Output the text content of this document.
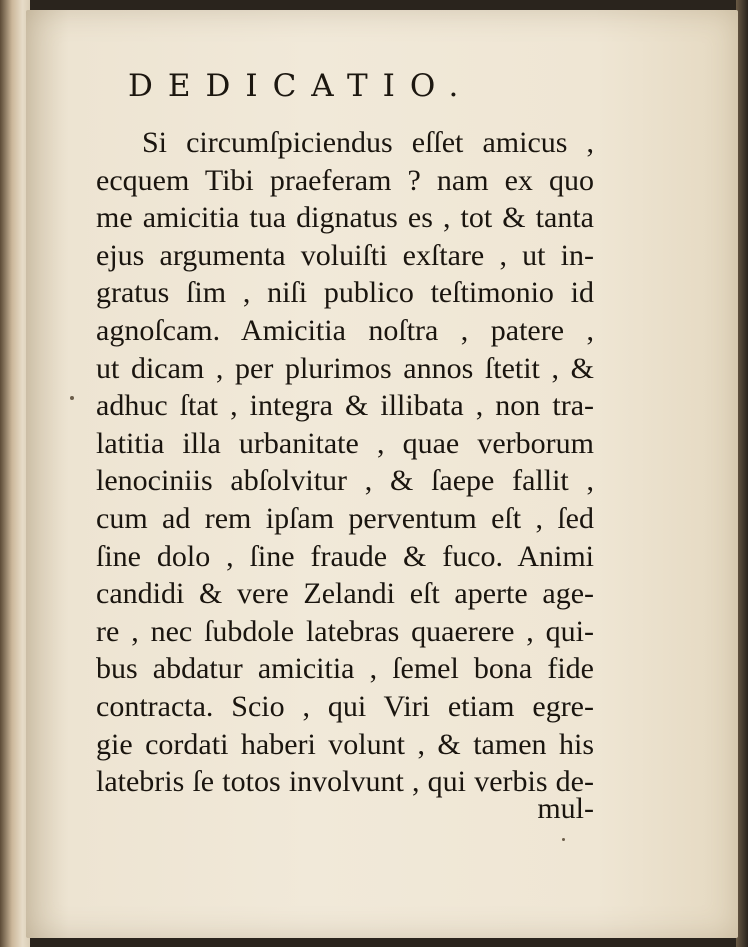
DEDICATIO.
Si circumſpiciendus eſſet amicus ,
ecquem Tibi praeferam ? nam ex quo
me amicitia tua dignatus es , tot & tanta
ejus argumenta voluiſti exſtare , ut in-
gratus ſim , niſi publico teſtimonio id
agnoſcam. Amicitia noſtra , patere ,
ut dicam , per plurimos annos ſtetit , &
adhuc ſtat , integra & illibata , non tra-
latitia illa urbanitate , quae verborum
lenociniis abſolvitur , & ſaepe fallit ,
cum ad rem ipſam perventum eſt , ſed
ſine dolo , ſine fraude & fuco. Animi
candidi & vere Zelandi eſt aperte age-
re , nec ſubdole latebras quaerere , qui-
bus abdatur amicitia , ſemel bona fide
contracta. Scio , qui Viri etiam egre-
gie cordati haberi volunt , & tamen his
latebris ſe totos involvunt , qui verbis de-
mul-
